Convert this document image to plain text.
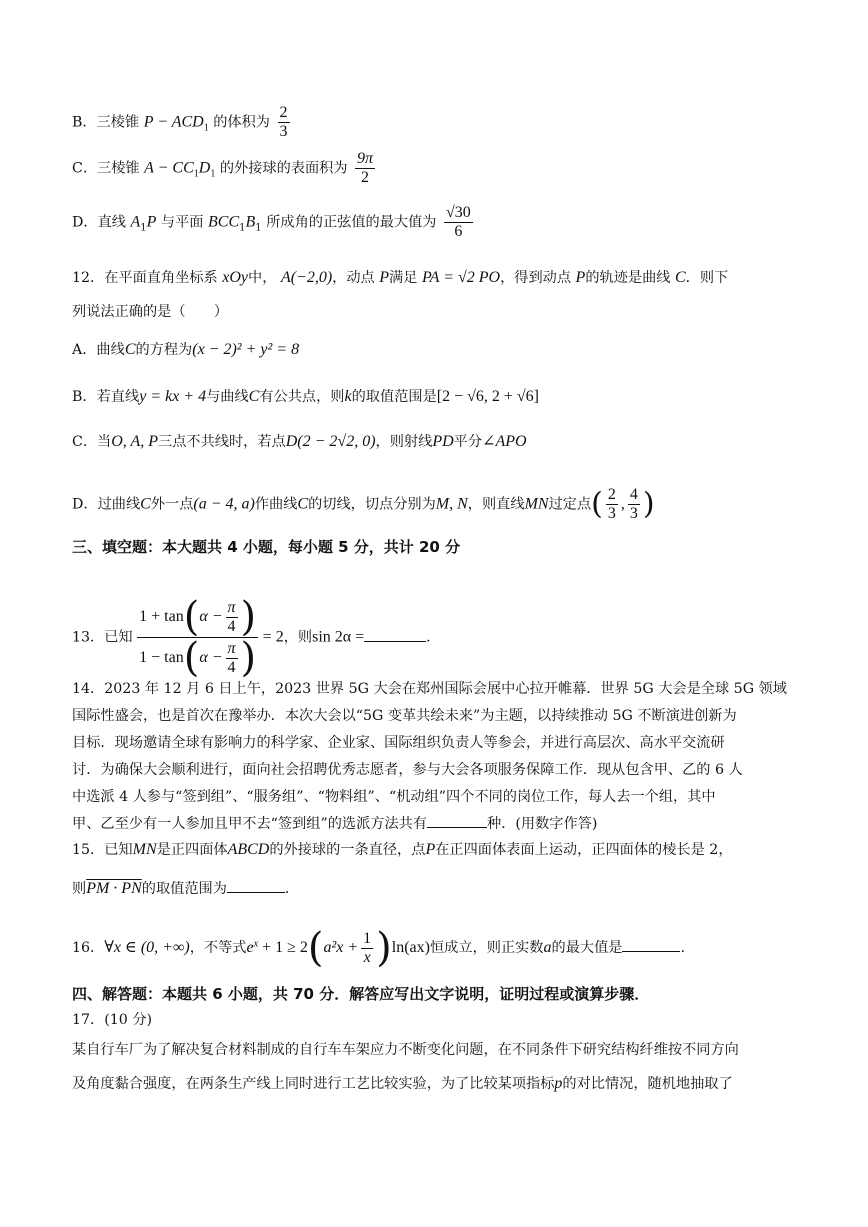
B．三棱锥 $P - ACD_1$ 的体积为 $\frac{2}{3}$
C．三棱锥 $A - CC_1D_1$ 的外接球的表面积为 $\frac{9\pi}{2}$
D．直线 $A_1P$ 与平面 $BCC_1B_1$ 所成角的正弦值的最大值为 $\frac{√30}{6}$
12．在平面直角坐标系 xOy中， A(−2,0)，动点 P满足 PA = √2 PO，得到动点 P的轨迹是曲线 C．则下
列说法正确的是（　　）
A．曲线C的方程为(x − 2)² + y² = 8
B．若直线y = kx + 4与曲线C有公共点，则k的取值范围是[2 − √6, 2 + √6]
C．当O, A, P三点不共线时，若点D(2 − 2√2, 0)，则射线PD平分∠APO
D．过曲线C外一点(a − 4, a)作曲线C的切线，切点分别为M, N，则直线MN过定点( $\frac{2}{3}$ , $\frac{4}{3}$ )
三、填空题：本大题共 4 小题，每小题 5 分，共计 20 分
13．已知 $\frac{1 + \tan ( \alpha - \frac{\pi}{4} )}{1 - \tan ( \alpha - \frac{\pi}{4} )} = 2$，则sin 2α =	.
14．2023 年 12 月 6 日上午，2023 世界 5G 大会在郑州国际会展中心拉开帷幕．世界 5G 大会是全球 5G 领域
国际性盛会，也是首次在豫举办．本次大会以“5G 变革共绘未来”为主题，以持续推动 5G 不断演进创新为
目标．现场邀请全球有影响力的科学家、企业家、国际组织负责人等参会，并进行高层次、高水平交流研
讨．为确保大会顺利进行，面向社会招聘优秀志愿者，参与大会各项服务保障工作．现从包含甲、乙的 6 人
中选派 4 人参与“签到组”、“服务组”、“物料组”、“机动组”四个不同的岗位工作，每人去一个组，其中
甲、乙至少有一人参加且甲不去“签到组”的选派方法共有	种．(用数字作答)
15．已知MN是正四面体ABCD的外接球的一条直径，点P在正四面体表面上运动，正四面体的棱长是 2，
则PM · PN的取值范围为	.
16．∀x ∈ (0, +∞)，不等式$e^x + 1 \ge 2(a^2x + \frac{1}{x} )\ln(ax)$恒成立，则正实数a的最大值是	.
四、解答题：本题共 6 小题，共 70 分．解答应写出文字说明，证明过程或演算步骤．
17．(10 分)
某自行车厂为了解决复合材料制成的自行车车架应力不断变化问题，在不同条件下研究结构纤维按不同方向
及角度黏合强度，在两条生产线上同时进行工艺比较实验，为了比较某项指标p的对比情况，随机地抽取了
